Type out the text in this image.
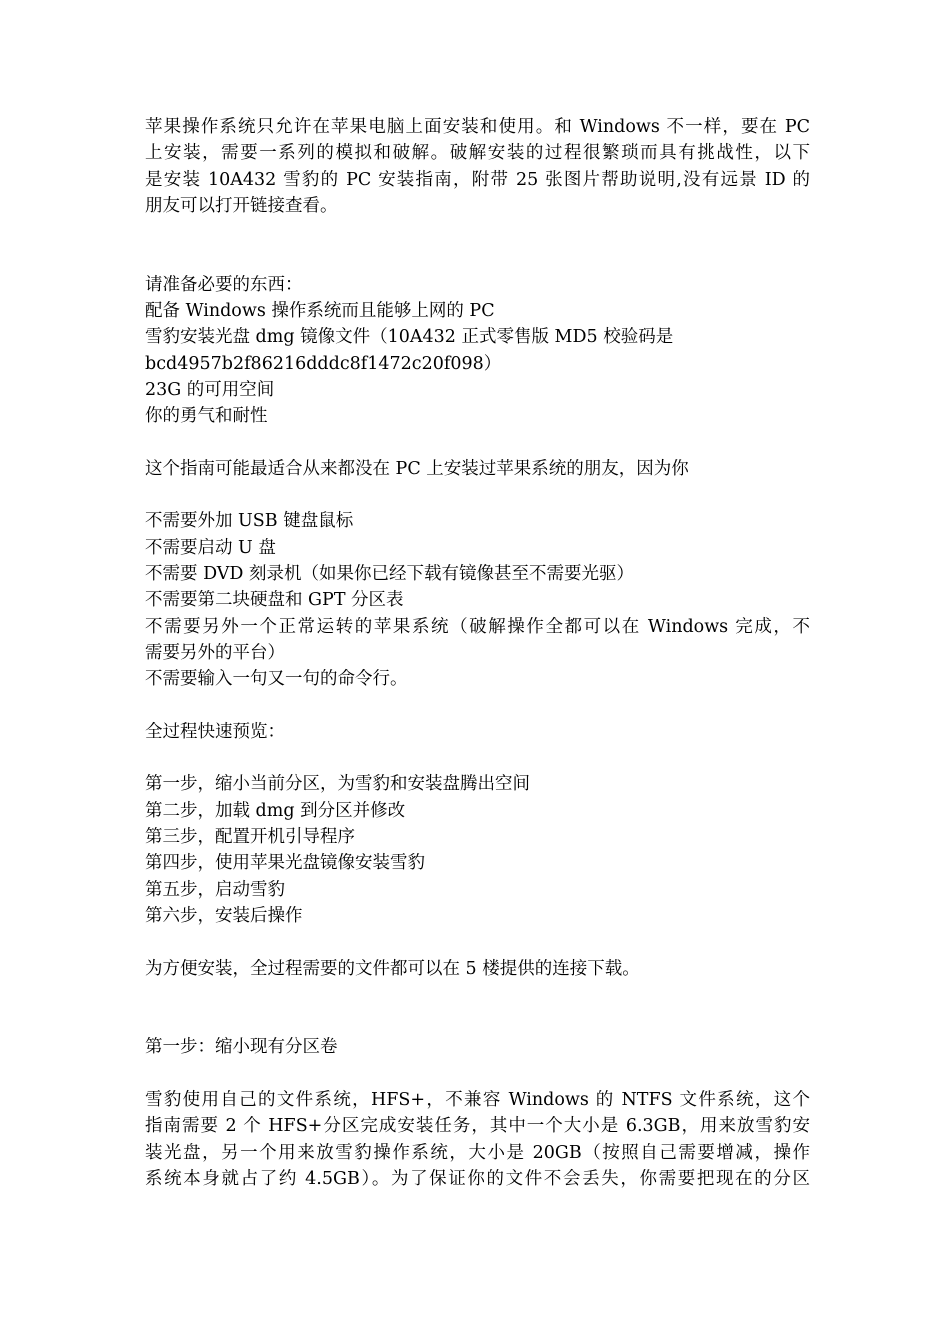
苹果操作系统只允许在苹果电脑上面安装和使用。和 Windows 不一样，要在 PC
上安装，需要一系列的模拟和破解。破解安装的过程很繁琐而具有挑战性，以下
是安装 10A432 雪豹的 PC 安装指南，附带 25 张图片帮助说明,没有远景 ID 的
朋友可以打开链接查看。
请准备必要的东西：
配备 Windows 操作系统而且能够上网的 PC
雪豹安装光盘 dmg 镜像文件（10A432 正式零售版 MD5 校验码是
bcd4957b2f86216dddc8f1472c20f098）
23G 的可用空间
你的勇气和耐性
这个指南可能最适合从来都没在 PC 上安装过苹果系统的朋友，因为你
不需要外加 USB 键盘鼠标
不需要启动 U 盘
不需要 DVD 刻录机（如果你已经下载有镜像甚至不需要光驱）
不需要第二块硬盘和 GPT 分区表
不需要另外一个正常运转的苹果系统（破解操作全都可以在 Windows 完成，不
需要另外的平台）
不需要输入一句又一句的命令行。
全过程快速预览：
第一步，缩小当前分区，为雪豹和安装盘腾出空间
第二步，加载 dmg 到分区并修改
第三步，配置开机引导程序
第四步，使用苹果光盘镜像安装雪豹
第五步，启动雪豹
第六步，安装后操作
为方便安装，全过程需要的文件都可以在 5 楼提供的连接下载。
第一步：缩小现有分区卷
雪豹使用自己的文件系统，HFS+，不兼容 Windows 的 NTFS 文件系统，这个
指南需要 2 个 HFS+分区完成安装任务，其中一个大小是 6.3GB，用来放雪豹安
装光盘，另一个用来放雪豹操作系统，大小是 20GB（按照自己需要增减，操作
系统本身就占了约 4.5GB）。为了保证你的文件不会丢失，你需要把现在的分区
